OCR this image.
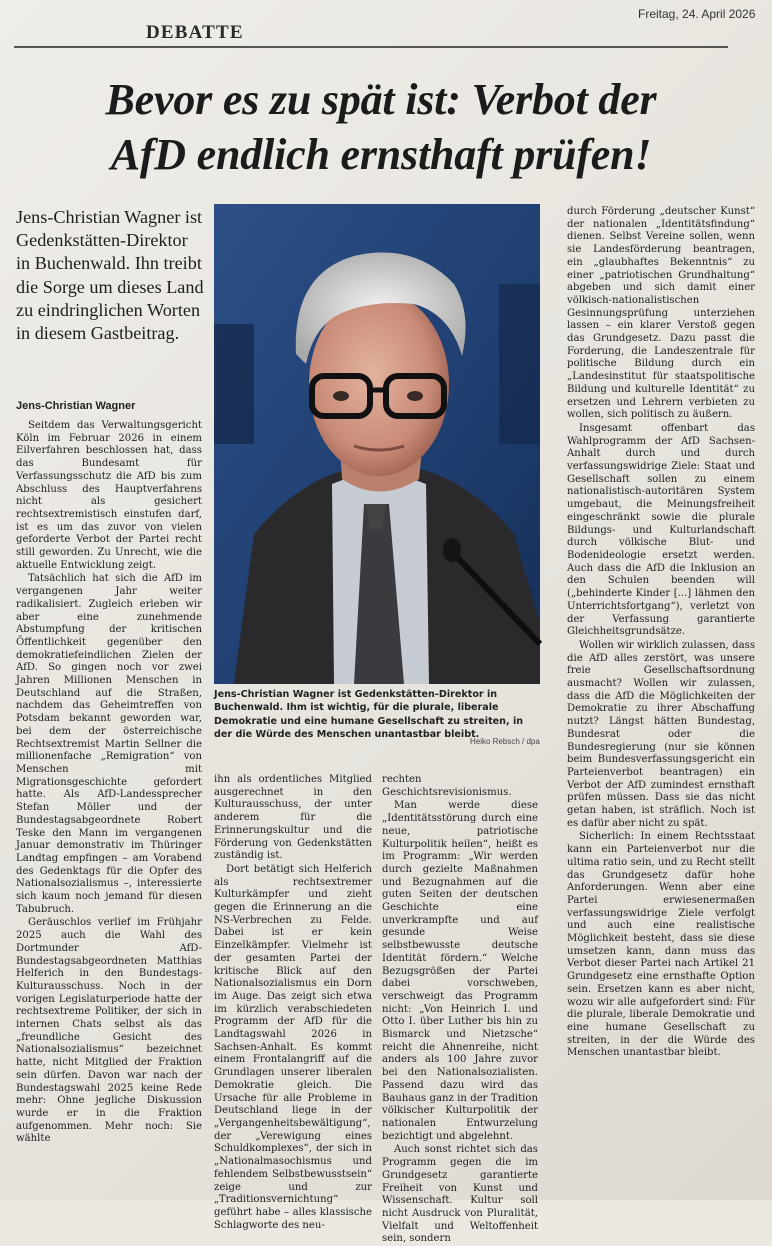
DEBATTE
Freitag, 24. April 2026
Bevor es zu spät ist: Verbot der
AfD endlich ernsthaft prüfen!

Jens-Christian Wagner ist Gedenkstätten-Direktor in Buchenwald. Ihn treibt die Sorge um dieses Land zu eindringlichen Worten in diesem Gastbeitrag.

Jens-Christian Wagner

Seitdem das Verwaltungsgericht Köln im Februar 2026 in einem Eilverfahren beschlossen hat, dass das Bundesamt für Verfassungsschutz die AfD bis zum Abschluss des Hauptverfahrens nicht als gesichert rechtsextremistisch einstufen darf, ist es um das zuvor von vielen geforderte Verbot der Partei recht still geworden. Zu Unrecht, wie die aktuelle Entwicklung zeigt.

Tatsächlich hat sich die AfD im vergangenen Jahr weiter radikalisiert. Zugleich erleben wir aber eine zunehmende Abstumpfung der kritischen Öffentlichkeit gegenüber den demokratiefeindlichen Zielen der AfD. So gingen noch vor zwei Jahren Millionen Menschen in Deutschland auf die Straßen, nachdem das Geheimtreffen von Potsdam bekannt geworden war, bei dem der österreichische Rechtsextremist Martin Sellner die millionenfache „Remigration“ von Menschen mit Migrationsgeschichte gefordert hatte. Als AfD-Landessprecher Stefan Möller und der Bundestagsabgeordnete Robert Teske den Mann im vergangenen Januar demonstrativ im Thüringer Landtag empfingen – am Vorabend des Gedenktags für die Opfer des Nationalsozialismus –, interessierte sich kaum noch jemand für diesen Tabubruch.

Geräuschlos verlief im Frühjahr 2025 auch die Wahl des Dortmunder AfD-Bundestagsabgeordneten Matthias Helferich in den Bundestags-Kulturausschuss. Noch in der vorigen Legislaturperiode hatte der rechtsextreme Politiker, der sich in internen Chats selbst als das „freundliche Gesicht des Nationalsozialismus“ bezeichnet hatte, nicht Mitglied der Fraktion sein dürfen. Davon war nach der Bundestagswahl 2025 keine Rede mehr: Ohne jegliche Diskussion wurde er in die Fraktion aufgenommen. Mehr noch: Sie wählte

Jens-Christian Wagner ist Gedenkstätten-Direktor in Buchenwald. Ihm ist wichtig, für die plurale, liberale Demokratie und eine humane Gesellschaft zu streiten, in der die Würde des Menschen unantastbar bleibt.

Heiko Rebsch / dpa

ihn als ordentliches Mitglied ausgerechnet in den Kulturausschuss, der unter anderem für die Erinnerungskultur und die Förderung von Gedenkstätten zuständig ist.

Dort betätigt sich Helferich als rechtsextremer Kulturkämpfer und zieht gegen die Erinnerung an die NS-Verbrechen zu Felde. Dabei ist er kein Einzelkämpfer. Vielmehr ist der gesamten Partei der kritische Blick auf den Nationalsozialismus ein Dorn im Auge. Das zeigt sich etwa im kürzlich verabschiedeten Programm der AfD für die Landtagswahl 2026 in Sachsen-Anhalt. Es kommt einem Frontalangriff auf die Grundlagen unserer liberalen Demokratie gleich. Die Ursache für alle Probleme in Deutschland liege in der „Vergangenheitsbewältigung“, der „Verewigung eines Schuldkomplexes“, der sich in „Nationalmasochismus und fehlendem Selbstbewusstsein“ zeige und zur „Traditionsvernichtung“ geführt habe – alles klassische Schlagworte des neu-

rechten Geschichtsrevisionismus.

Man werde diese „Identitätsstörung durch eine neue, patriotische Kulturpolitik heilen“, heißt es im Programm: „Wir werden durch gezielte Maßnahmen und Bezugnahmen auf die guten Seiten der deutschen Geschichte eine unverkrampfte und auf gesunde Weise selbstbewusste deutsche Identität fördern.“ Welche Bezugsgrößen der Partei dabei vorschweben, verschweigt das Programm nicht: „Von Heinrich I. und Otto I. über Luther bis hin zu Bismarck und Nietzsche“ reicht die Ahnenreihe, nicht anders als 100 Jahre zuvor bei den Nationalsozialisten. Passend dazu wird das Bauhaus ganz in der Tradition völkischer Kulturpolitik der nationalen Entwurzelung bezichtigt und abgelehnt.

Auch sonst richtet sich das Programm gegen die im Grundgesetz garantierte Freiheit von Kunst und Wissenschaft. Kultur soll nicht Ausdruck von Pluralität, Vielfalt und Weltoffenheit sein, sondern

durch Förderung „deutscher Kunst“ der nationalen „Identitätsfindung“ dienen. Selbst Vereine sollen, wenn sie Landesförderung beantragen, ein „glaubhaftes Bekenntnis“ zu einer „patriotischen Grundhaltung“ abgeben und sich damit einer völkisch-nationalistischen Gesinnungsprüfung unterziehen lassen – ein klarer Verstoß gegen das Grundgesetz. Dazu passt die Forderung, die Landeszentrale für politische Bildung durch ein „Landesinstitut für staatspolitische Bildung und kulturelle Identität“ zu ersetzen und Lehrern verbieten zu wollen, sich politisch zu äußern.

Insgesamt offenbart das Wahlprogramm der AfD Sachsen-Anhalt durch und durch verfassungswidrige Ziele: Staat und Gesellschaft sollen zu einem nationalistisch-autoritären System umgebaut, die Meinungsfreiheit eingeschränkt sowie die plurale Bildungs- und Kulturlandschaft durch völkische Blut- und Bodenideologie ersetzt werden. Auch dass die AfD die Inklusion an den Schulen beenden will („behinderte Kinder [...] lähmen den Unterrichtsfortgang“), verletzt von der Verfassung garantierte Gleichheitsgrundsätze.

Wollen wir wirklich zulassen, dass die AfD alles zerstört, was unsere freie Gesellschaftsordnung ausmacht? Wollen wir zulassen, dass die AfD die Möglichkeiten der Demokratie zu ihrer Abschaffung nutzt? Längst hätten Bundestag, Bundesrat oder die Bundesregierung (nur sie können beim Bundesverfassungsgericht ein Parteienverbot beantragen) ein Verbot der AfD zumindest ernsthaft prüfen müssen. Dass sie das nicht getan haben, ist sträflich. Noch ist es dafür aber nicht zu spät.

Sicherlich: In einem Rechtsstaat kann ein Parteienverbot nur die ultima ratio sein, und zu Recht stellt das Grundgesetz dafür hohe Anforderungen. Wenn aber eine Partei erwiesenermaßen verfassungswidrige Ziele verfolgt und auch eine realistische Möglichkeit besteht, dass sie diese umsetzen kann, dann muss das Verbot dieser Partei nach Artikel 21 Grundgesetz eine ernsthafte Option sein. Ersetzen kann es aber nicht, wozu wir alle aufgefordert sind: Für die plurale, liberale Demokratie und eine humane Gesellschaft zu streiten, in der die Würde des Menschen unantastbar bleibt.
